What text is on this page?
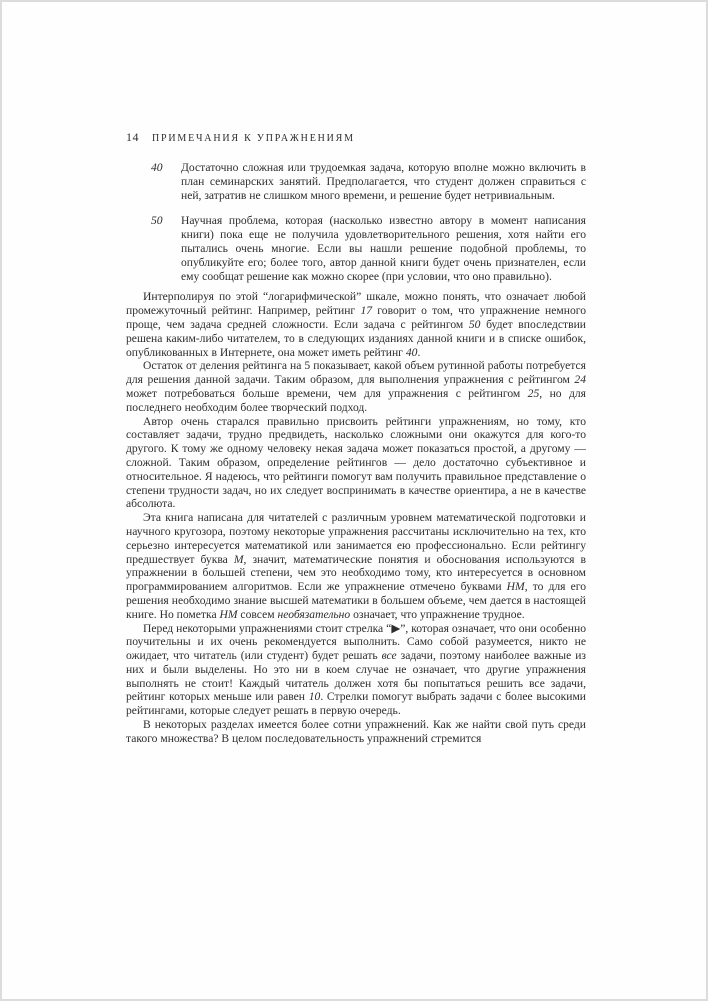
14 ПРИМЕЧАНИЯ К УПРАЖНЕНИЯМ
40	Достаточно сложная или трудоемкая задача, которую вполне можно включить в план семинарских занятий. Предполагается, что студент должен справиться с ней, затратив не слишком много времени, и решение будет нетривиальным.

50	Научная проблема, которая (насколько известно автору в момент написания книги) пока еще не получила удовлетворительного решения, хотя найти его пытались очень многие. Если вы нашли решение подобной проблемы, то опубликуйте его; более того, автор данной книги будет очень признателен, если ему сообщат решение как можно скорее (при условии, что оно правильно).

Интерполируя по этой “логарифмической” шкале, можно понять, что означает любой промежуточный рейтинг. Например, рейтинг 17 говорит о том, что упражнение немного проще, чем задача средней сложности. Если задача с рейтингом 50 будет впоследствии решена каким-либо читателем, то в следующих изданиях данной книги и в списке ошибок, опубликованных в Интернете, она может иметь рейтинг 40.

Остаток от деления рейтинга на 5 показывает, какой объем рутинной работы потребуется для решения данной задачи. Таким образом, для выполнения упражнения с рейтингом 24 может потребоваться больше времени, чем для упражнения с рейтингом 25, но для последнего необходим более творческий подход.

Автор очень старался правильно присвоить рейтинги упражнениям, но тому, кто составляет задачи, трудно предвидеть, насколько сложными они окажутся для кого-то другого. К тому же одному человеку некая задача может показаться простой, а другому — сложной. Таким образом, определение рейтингов — дело достаточно субъективное и относительное. Я надеюсь, что рейтинги помогут вам получить правильное представление о степени трудности задач, но их следует воспринимать в качестве ориентира, а не в качестве абсолюта.

Эта книга написана для читателей с различным уровнем математической подготовки и научного кругозора, поэтому некоторые упражнения рассчитаны исключительно на тех, кто серьезно интересуется математикой или занимается ею профессионально. Если рейтингу предшествует буква M, значит, математические понятия и обоснования используются в упражнении в большей степени, чем это необходимо тому, кто интересуется в основном программированием алгоритмов. Если же упражнение отмечено буквами HM, то для его решения необходимо знание высшей математики в большем объеме, чем дается в настоящей книге. Но пометка HM совсем необязательно означает, что упражнение трудное.

Перед некоторыми упражнениями стоит стрелка “▶”, которая означает, что они особенно поучительны и их очень рекомендуется выполнить. Само собой разумеется, никто не ожидает, что читатель (или студент) будет решать все задачи, поэтому наиболее важные из них и были выделены. Но это ни в коем случае не означает, что другие упражнения выполнять не стоит! Каждый читатель должен хотя бы попытаться решить все задачи, рейтинг которых меньше или равен 10. Стрелки помогут выбрать задачи с более высокими рейтингами, которые следует решать в первую очередь.

В некоторых разделах имеется более сотни упражнений. Как же найти свой путь среди такого множества? В целом последовательность упражнений стремится
